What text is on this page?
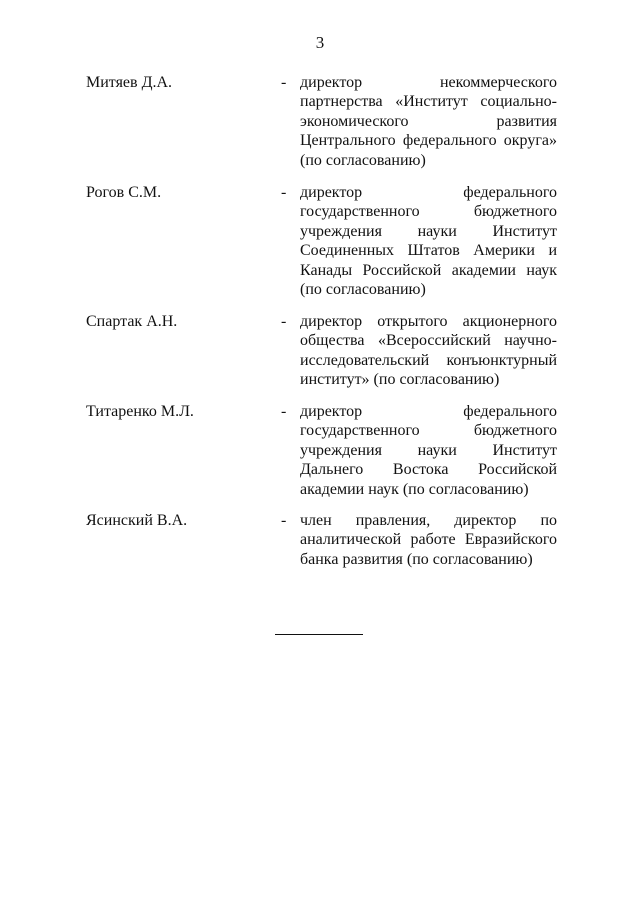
3
Митяев Д.А.	- директор некоммерческого партнерства «Институт социально-экономического развития Центрального федерального округа» (по согласованию)
Рогов С.М.	- директор федерального государственного бюджетного учреждения науки Институт Соединенных Штатов Америки и Канады Российской академии наук (по согласованию)
Спартак А.Н.	- директор открытого акционерного общества «Всероссийский научно-исследовательский конъюнктурный институт» (по согласованию)
Титаренко М.Л.	- директор федерального государственного бюджетного учреждения науки Институт Дальнего Востока Российской академии наук (по согласованию)
Ясинский В.А.	- член правления, директор по аналитической работе Евразийского банка развития (по согласованию)
